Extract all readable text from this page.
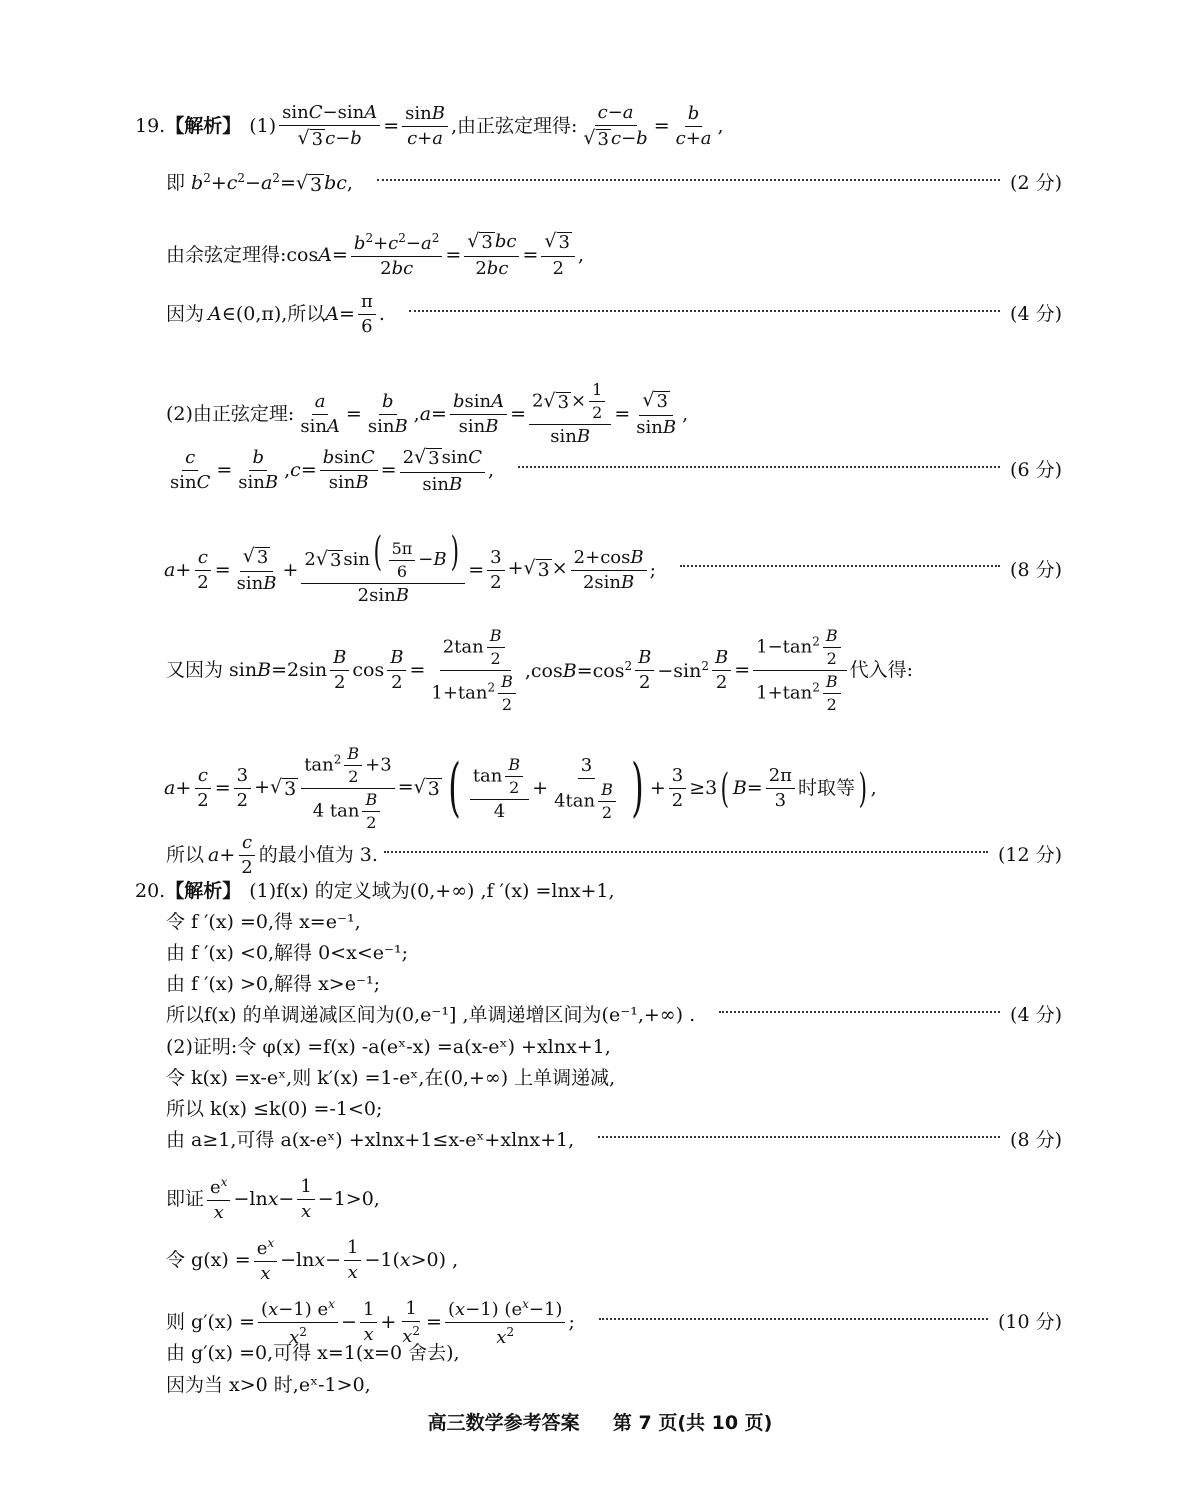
19. 【解析】 $(1) \frac{\sin C-\sin A}{√ 3 c-b} = \frac{\sin B}{c+a}$ ,由正弦定理得: $\frac{c-a}{√ 3 c-b} = \frac{b}{c+a}$ ,
即 $b^2+c^2-a^2=$ √ 3 bc,	(2 分)
由余弦定理得: $\cos A= \frac{b^2+c^2-a^2}{2bc} = \frac{√ 3 bc}{2bc} = \frac{√ 3}{2}$ ,
因为 A∈(0,π) ,所以 $A= \frac{\pi}{6}$ .	(4 分)
(2)由正弦定理: $\frac{a}{\sin A} = \frac{b}{\sin B} ,a= \frac{bsinA}{\sin B} = \frac{2 √ 3 \times \frac{1}{2}}{\sin B} = \frac{√ 3}{\sin B}$ ,
$\frac{c}{\sin C} = \frac{b}{\sin B} ,c= \frac{bsinC}{\sin B} = \frac{2 √ 3 \sin C}{\sin B}$ ,	(6 分)
$a+ \frac{c}{2} = \frac{√ 3}{\sin B} + \frac{2 √ 3 \sin( \frac{5\pi}{6} -B)}{2\sin B} = \frac{3}{2}$ + √ $3 \times \frac{2+\cos B}{2\sin B}$ ;	(8 分)
又因为 $\sin B=2\sin \frac{B}{2}$ $\cos \frac{B}{2} = \frac{2\tan \frac{B}{2}}{1+\tan^2 \frac{B}{2}} ,\cos B=\cos^2 \frac{B}{2} -\sin^2 \frac{B}{2} = \frac{1-\tan^2 \frac{B}{2}}{1+\tan^2 \frac{B}{2}}$ 代入得:
$a+ \frac{c}{2} = \frac{3}{2}$ + √ $3 \frac{\tan^2 \frac{B}{2} +3}{4 \tan \frac{B}{2}}$ = √ 3 ( $\frac{\tan \frac{B}{2}}{4} + \frac{3}{4\tan \frac{B}{2}}$ ) + $\frac{3}{2} \ge 3$ ( $B= \frac{2\pi}{3}$ 时取等 ) ,
所以 $a+ \frac{c}{2}$ 的最小值为 3.	(12 分)
20. 【解析】 (1)f(x) 的定义域为(0,+∞) ,f ′(x) =lnx+1,
令 f ′(x) =0,得 x=e⁻¹,
由 f ′(x) <0,解得 0<x<e⁻¹;
由 f ′(x) >0,解得 x>e⁻¹;
所以f(x) 的单调递减区间为(0,e⁻¹] ,单调递增区间为(e⁻¹,+∞) .	(4 分)
(2)证明:令 φ(x) =f(x) -a(eˣ-x) =a(x-eˣ) +xlnx+1,
令 k(x) =x-eˣ,则 k′(x) =1-eˣ,在(0,+∞) 上单调递减,
所以 k(x) ≤k(0) =-1<0;
由 a≥1,可得 a(x-eˣ) +xlnx+1≤x-eˣ+xlnx+1,	(8 分)
即证 $\frac{e^x}{x} -\ln x- \frac{1}{x} -1>0$,
令 $g(x) = \frac{e^x}{x} -\ln x- \frac{1}{x} -1(x>0)$ ,
则 $g'(x) = \frac{(x-1) e^x}{x^2} - \frac{1}{x} + \frac{1}{x^2} = \frac{(x-1) (e^x-1)}{x^2}$ ;	(10 分)
由 g′(x) =0,可得 x=1(x=0 舍去),
因为当 x>0 时,eˣ-1>0,
高三数学参考答案 第 7 页(共 10 页)
